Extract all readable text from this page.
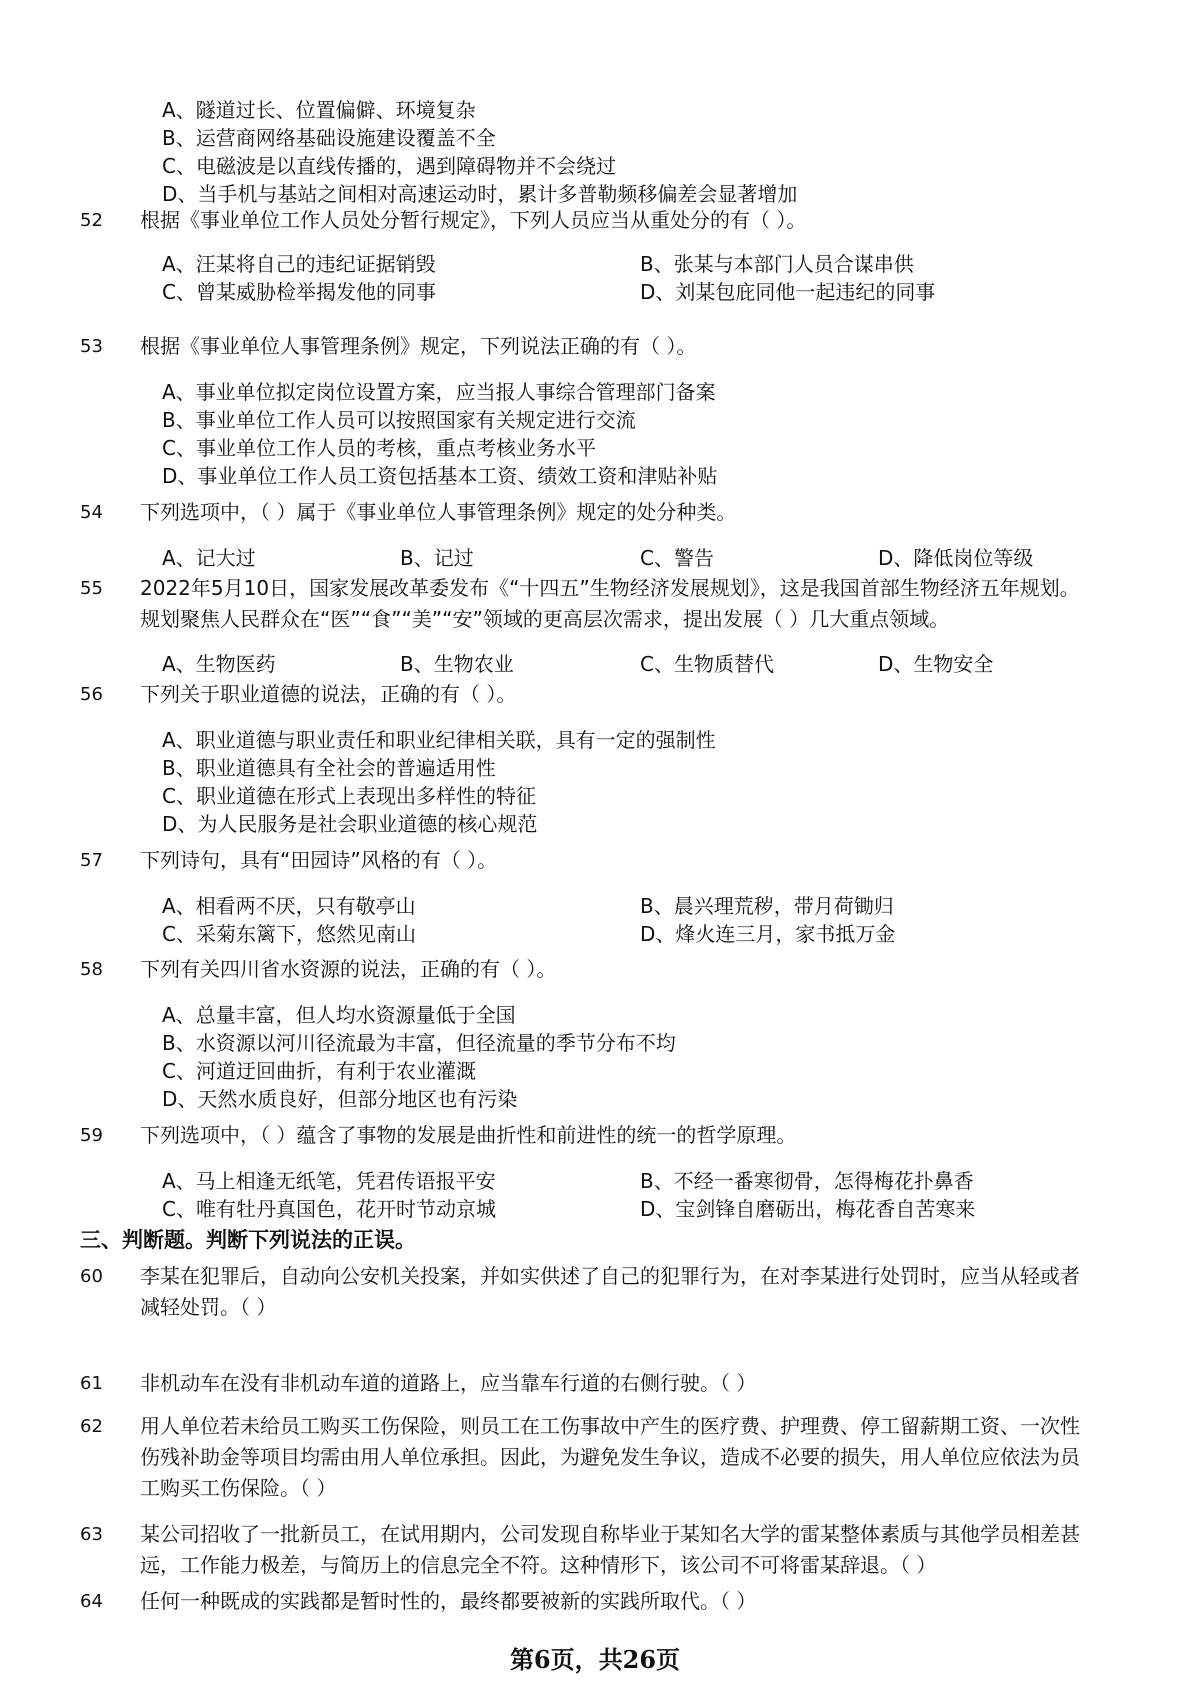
A、隧道过长、位置偏僻、环境复杂
B、运营商网络基础设施建设覆盖不全
C、电磁波是以直线传播的，遇到障碍物并不会绕过
D、当手机与基站之间相对高速运动时，累计多普勒频移偏差会显著增加
52 根据《事业单位工作人员处分暂行规定》，下列人员应当从重处分的有（ ）。
A、汪某将自己的违纪证据销毁	B、张某与本部门人员合谋串供
C、曾某威胁检举揭发他的同事	D、刘某包庇同他一起违纪的同事
53 根据《事业单位人事管理条例》规定，下列说法正确的有（ ）。
A、事业单位拟定岗位设置方案，应当报人事综合管理部门备案
B、事业单位工作人员可以按照国家有关规定进行交流
C、事业单位工作人员的考核，重点考核业务水平
D、事业单位工作人员工资包括基本工资、绩效工资和津贴补贴
54 下列选项中，（ ）属于《事业单位人事管理条例》规定的处分种类。
A、记大过	B、记过	C、警告	D、降低岗位等级
55 2022年5月10日，国家发展改革委发布《“十四五”生物经济发展规划》，这是我国首部生物经济五年规划。规划聚焦人民群众在“医”“食”“美”“安”领域的更高层次需求，提出发展（ ）几大重点领域。
A、生物医药	B、生物农业	C、生物质替代	D、生物安全
56 下列关于职业道德的说法，正确的有（ ）。
A、职业道德与职业责任和职业纪律相关联，具有一定的强制性
B、职业道德具有全社会的普遍适用性
C、职业道德在形式上表现出多样性的特征
D、为人民服务是社会职业道德的核心规范
57 下列诗句，具有“田园诗”风格的有（ ）。
A、相看两不厌，只有敬亭山	B、晨兴理荒秽，带月荷锄归
C、采菊东篱下，悠然见南山	D、烽火连三月，家书抵万金
58 下列有关四川省水资源的说法，正确的有（ ）。
A、总量丰富，但人均水资源量低于全国
B、水资源以河川径流最为丰富，但径流量的季节分布不均
C、河道迂回曲折，有利于农业灌溉
D、天然水质良好，但部分地区也有污染
59 下列选项中，（ ）蕴含了事物的发展是曲折性和前进性的统一的哲学原理。
A、马上相逢无纸笔，凭君传语报平安	B、不经一番寒彻骨，怎得梅花扑鼻香
C、唯有牡丹真国色，花开时节动京城	D、宝剑锋自磨砺出，梅花香自苦寒来
三、判断题。判断下列说法的正误。
60 李某在犯罪后，自动向公安机关投案，并如实供述了自己的犯罪行为，在对李某进行处罚时，应当从轻或者减轻处罚。（ ）
61 非机动车在没有非机动车道的道路上，应当靠车行道的右侧行驶。（ ）
62 用人单位若未给员工购买工伤保险，则员工在工伤事故中产生的医疗费、护理费、停工留薪期工资、一次性伤残补助金等项目均需由用人单位承担。因此，为避免发生争议，造成不必要的损失，用人单位应依法为员工购买工伤保险。（ ）
63 某公司招收了一批新员工，在试用期内，公司发现自称毕业于某知名大学的雷某整体素质与其他学员相差甚远，工作能力极差，与简历上的信息完全不符。这种情形下，该公司不可将雷某辞退。（ ）
64 任何一种既成的实践都是暂时性的，最终都要被新的实践所取代。（ ）
第6页，共26页
